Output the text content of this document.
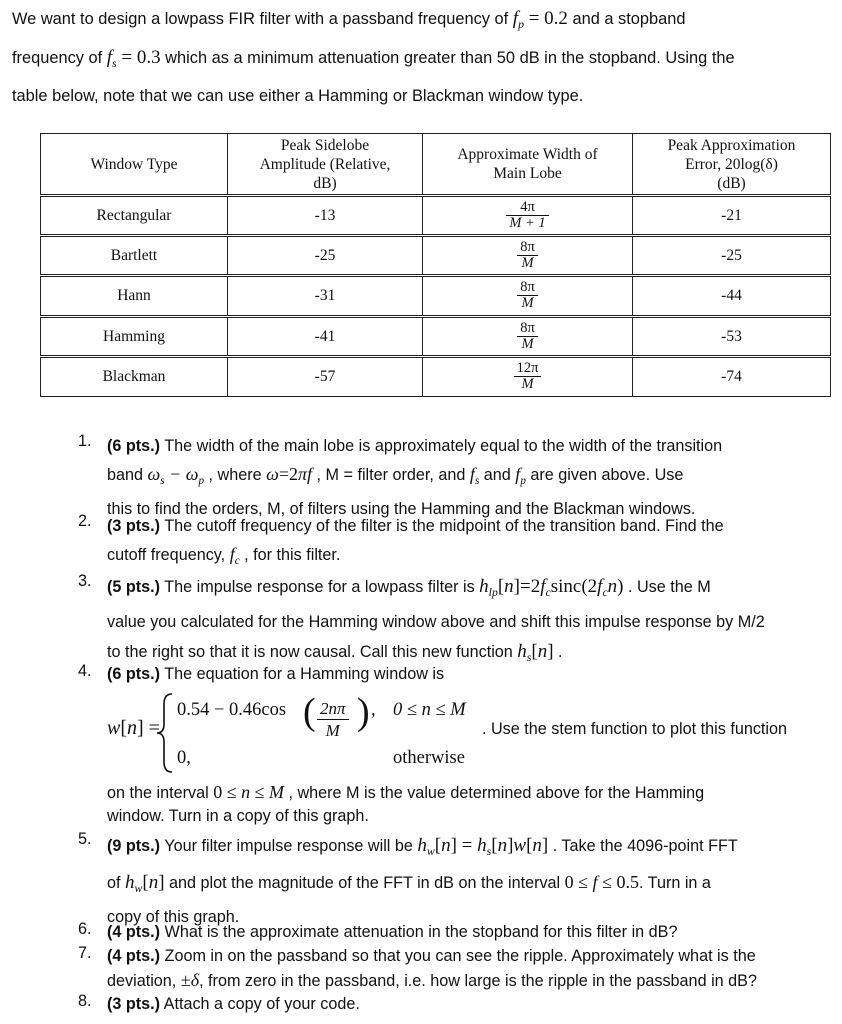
We want to design a lowpass FIR filter with a passband frequency of $f_p = 0.2$ and a stopband
frequency of $f_s = 0.3$ which as a minimum attenuation greater than 50 dB in the stopband. Using the
table below, note that we can use either a Hamming or Blackman window type.
Window Type	Peak Sidelobe
Amplitude (Relative,
dB)	Approximate Width of
Main Lobe	Peak Approximation
Error, 20log(δ)
(dB)
Rectangular	-13	$\frac{4\pi}{M + 1}$	-21
Bartlett	-25	$\frac{8\pi}{M}$	-25
Hann	-31	$\frac{8\pi}{M}$	-44
Hamming	-41	$\frac{8\pi}{M}$	-53
Blackman	-57	$\frac{12\pi}{M}$	-74
1. (6 pts.) The width of the main lobe is approximately equal to the width of the transition
band $\omega_s - \omega_p$ , where ω=2πf , M = filter order, and $f_s$ and $f_p$ are given above. Use
this to find the orders, M, of filters using the Hamming and the Blackman windows.
2. (3 pts.) The cutoff frequency of the filter is the midpoint of the transition band. Find the
cutoff frequency, $f_c$ , for this filter.
3. (5 pts.) The impulse response for a lowpass filter is $h_{lp}[n]=2f_c\sin c(2f_cn)$ . Use the M
value you calculated for the Hamming window above and shift this impulse response by M/2
to the right so that it is now causal. Call this new function $h_s[n]$ .
4. (6 pts.) The equation for a Hamming window is
w[n] =
0.54 − 0.46cos ( $\frac{2n\pi}{M}$ ) , 0 ≤ n ≤ M
0,	otherwise
. Use the stem function to plot this function
on the interval 0 ≤ n ≤ M , where M is the value determined above for the Hamming
window. Turn in a copy of this graph.
5. (9 pts.) Your filter impulse response will be $h_w[n] = h_s[n]w[n]$ . Take the 4096-point FFT
of $h_w[n]$ and plot the magnitude of the FFT in dB on the interval 0 ≤ f ≤ 0.5. Turn in a
copy of this graph.
6. (4 pts.) What is the approximate attenuation in the stopband for this filter in dB?
7. (4 pts.) Zoom in on the passband so that you can see the ripple. Approximately what is the
deviation, ±δ, from zero in the passband, i.e. how large is the ripple in the passband in dB?
8. (3 pts.) Attach a copy of your code.
